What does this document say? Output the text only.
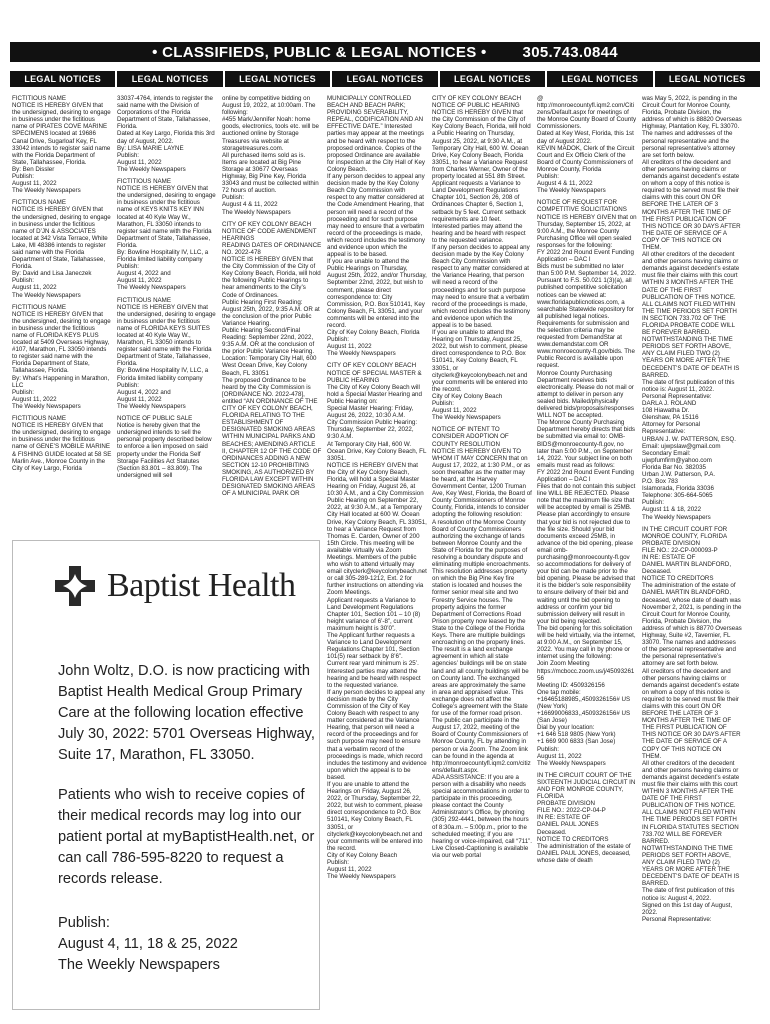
• CLASSIFIEDS, PUBLIC & LEGAL NOTICES • 305.743.0844
LEGAL NOTICES	LEGAL NOTICES	LEGAL NOTICES	LEGAL NOTICES	LEGAL NOTICES	LEGAL NOTICES	LEGAL NOTICES

FICTITIOUS NAME
NOTICE IS HEREBY GIVEN that the undersigned, desiring to engage in business under the fictitious name of PIRATES COVE MARINE SPECIMENS located at 19686 Canal Drive, Sugarloaf Key, FL 33042 intends to register said name with the Florida Department of State, Tallahassee, Florida.
By: Ben Dissler
Publish:
August 11, 2022
The Weekly Newspapers

FICTITIOUS NAME
NOTICE IS HEREBY GIVEN that the undersigned, desiring to engage in business under the fictitious name of D’JN & ASSOCIATES located at 342 Vista Terrace, White Lake, MI 48386 intends to register said name with the Florida Department of State, Tallahassee, Florida.
By: David and Lisa Janeczek
Publish:
August 11, 2022
The Weekly Newspapers

FICTITIOUS NAME
NOTICE IS HEREBY GIVEN that the undersigned, desiring to engage in business under the fictitious name of FLORIDA KEYS PLUS located at 5409 Overseas Highway, #107, Marathon, FL 33050 intends to register said name with the Florida Department of State, Tallahassee, Florida.
By: What’s Happening in Marathon, LLC
Publish:
August 11, 2022
The Weekly Newspapers

FICTITIOUS NAME
NOTICE IS HEREBY GIVEN that the undersigned, desiring to engage in business under the fictitious name of GENE’S MOBILE MARINE & FISHING GUIDE located at 58 SE Marlin Ave., Monroe County in the City of Key Largo, Florida

33037-4764, intends to register the said name with the Division of Corporations of the Florida Department of State, Tallahassee, Florida.
Dated at Key Largo, Florida this 3rd day of August, 2022.
By: LISA MARIE LAYNE
Publish:
August 11, 2022
The Weekly Newspapers

FICTITIOUS NAME
NOTICE IS HEREBY GIVEN that the undersigned, desiring to engage in business under the fictitious name of KEYS KNITS KEY INN located at 40 Kyle Way W., Marathon, FL 33050 intends to register said name with the Florida Department of State, Tallahassee, Florida.
By: Bowline Hospitality IV, LLC, a Florida limited liability company
Publish:
August 4, 2022 and
August 11, 2022
The Weekly Newspapers

FICTITIOUS NAME
NOTICE IS HEREBY GIVEN that the undersigned, desiring to engage in business under the fictitious name of FLORIDA KEYS SUITES located at 40 Kyle Way W., Marathon, FL 33050 intends to register said name with the Florida Department of State, Tallahassee, Florida.
By: Bowline Hospitality IV, LLC, a Florida limited liability company
Publish:
August 4, 2022 and
August 11, 2022
The Weekly Newspapers

NOTICE OF PUBLIC SALE
Notice is hereby given that the undersigned intends to sell the personal property described below to enforce a lien imposed on said property under the Florida Self Storage Facilities Act Statutes (Section 83.801 – 83.809). The undersigned will sell

online by competitive bidding on August 19, 2022, at 10:00am. The following:
#455 Mark/Jennifer Noah: home goods, electronics, tools etc. will be auctioned online by Storage Treasures via website at storagetreasures.com.
All purchased items sold as is. Items are located at Big Pine Storage at 30677 Overseas Highway, Big Pine Key, Florida 33043 and must be collected within 72 hours of auction.
Publish:
August 4 & 11, 2022
The Weekly Newspapers

CITY OF KEY COLONY BEACH
NOTICE OF CODE AMENDMENT HEARINGS
READING DATES OF ORDINANCE NO. 2022-478
NOTICE IS HEREBY GIVEN that the City Commission of the City of Key Colony Beach, Florida, will hold the following Public Hearings to hear amendments to the City’s Code of Ordinances.
Public Hearing First Reading: August 25th, 2022, 9:35 A.M. OR at the conclusion of the prior Public Variance Hearing.
Public Hearing Second/Final Reading: September 22nd, 2022, 9:35 A.M. OR at the conclusion of the prior Public Variance Hearing.
Location: Temporary City Hall, 600 West Ocean Drive, Key Colony Beach, FL 33051
The proposed Ordinance to be heard by the City Commission is [ORDINANCE NO. 2022-478], entitled “AN ORDINANCE OF THE CITY OF KEY COLONY BEACH, FLORIDA RELATING TO THE ESTABLISHMENT OF DESIGNATED SMOKING AREAS WITHIN MUNICIPAL PARKS AND BEACHES; AMENDING ARTICLE II, CHAPTER 12 OF THE CODE OF ORDINANCES ADDING A NEW SECTION 12-10 PROHIBITING SMOKING, AS AUTHORIZED BY FLORIDA LAW EXCEPT WITHIN DESIGNATED SMOKING AREAS OF A MUNICIPAL PARK OR

MUNICIPALLY CONTROLLED BEACH AND BEACH PARK; PROVIDING SEVERABILITY, REPEAL, CODIFICATION AND AN EFFECTIVE DATE.” Interested parties may appear at the meetings and be heard with respect to the proposed ordinance. Copies of the proposed Ordinance are available for inspection at the City Hall of Key Colony Beach.
If any person decides to appeal any decision made by the Key Colony Beach City Commission with respect to any matter considered at the Code Amendment Hearing, that person will need a record of the proceeding and for such purpose may need to ensure that a verbatim record of the proceedings is made, which record includes the testimony and evidence upon which the appeal is to be based.
If you are unable to attend the Public Hearings on Thursday, August 25th, 2022, and/or Thursday, September 22nd, 2022, but wish to comment, please direct correspondence to: City Commission, P.O. Box 510141, Key Colony Beach, FL 33051, and your comments will be entered into the record.
City of Key Colony Beach, Florida
Publish:
August 11, 2022
The Weekly Newspapers

CITY OF KEY COLONY BEACH
NOTICE OF SPECIAL MASTER & PUBLIC HEARING
The City of Key Colony Beach will hold a Special Master Hearing and Public Hearing on:
Special Master Hearing: Friday, August 26, 2022, 10:30 A.M.
City Commission Public Hearing: Thursday, September 22, 2022, 9:30 A.M.
At Temporary City Hall, 600 W. Ocean Drive, Key Colony Beach, FL 33051.
NOTICE IS HEREBY GIVEN that the City of Key Colony Beach, Florida, will hold a Special Master Hearing on Friday, August 26, at 10:30 A.M., and a City Commission Public Hearing on September 22, 2022, at 9:30 A.M., at a Temporary City Hall located at 600 W. Ocean Drive, Key Colony Beach, FL 33051, to hear a Variance Request from Thomas E. Carden, Owner of 200 15th Circle. This meeting will be available virtually via Zoom Meetings. Members of the public who wish to attend virtually may email cityclerk@keycolonybeach.net or call 305-289-1212, Ext. 2 for further instructions on attending via Zoom Meetings.
Applicant requests a Variance to Land Development Regulations Chapter 101, Section 101 – 10 (8) height variance of 6’-8”, current maximum height is 30’0”.
The Applicant further requests a Variance to Land Development Regulations Chapter 101, Section 101(5) rear setback by 8’6”.
Current rear yard minimum is 25’.
Interested parties may attend the hearing and be heard with respect to the requested variance.
If any person decides to appeal any decision made by the City Commission of the City of Key Colony Beach with respect to any matter considered at the Variance Hearing, that person will need a record of the proceedings and for such purpose may need to ensure that a verbatim record of the proceedings is made, which record includes the testimony and evidence upon which the appeal is to be based.
If you are unable to attend the Hearings on Friday, August 26, 2022, or Thursday, September 22, 2022, but wish to comment, please direct correspondence to P.O. Box 510141, Key Colony Beach, FL 33051, or cityclerk@keycolonybeach.net and your comments will be entered into the record.
City of Key Colony Beach
Publish:
August 11, 2022
The Weekly Newspapers

CITY OF KEY COLONY BEACH
NOTICE OF PUBLIC HEARING
NOTICE IS HEREBY GIVEN that the City Commission of the City of Key Colony Beach, Florida, will hold a Public Hearing on Thursday, August 25, 2022, at 9:30 A.M., at Temporary City Hall, 600 W. Ocean Drive, Key Colony Beach, Florida 33051, to hear a Variance Request from Charles Werner, Owner of the property located at 551 8th Street.
Applicant requests a Variance to Land Development Regulations Chapter 101, Section 26, 208 of Ordinances Chapter 6, Section 1, setback by 5 feet. Current setback requirements are 10 feet.
Interested parties may attend the hearing and be heard with respect to the requested variance.
If any person decides to appeal any decision made by the Key Colony Beach City Commission with respect to any matter considered at the Variance Hearing, that person will need a record of the proceedings and for such purpose may need to ensure that a verbatim record of the proceedings is made, which record includes the testimony and evidence upon which the appeal is to be based.
If you are unable to attend the Hearing on Thursday, August 25, 2022, but wish to comment, please direct correspondence to P.O. Box 510141, Key Colony Beach, FL 33051, or cityclerk@keycolonybeach.net and your comments will be entered into the record.
City of Key Colony Beach
Publish:
August 11, 2022
The Weekly Newspapers

NOTICE OF INTENT TO CONSIDER ADOPTION OF COUNTY RESOLUTION
NOTICE IS HEREBY GIVEN TO WHOM IT MAY CONCERN that on August 17, 2022, at 1:30 P.M., or as soon thereafter as the matter may be heard, at the Harvey Government Center, 1200 Truman Ave, Key West, Florida, the Board of County Commissioners of Monroe County, Florida, intends to consider adopting the following resolution:
A resolution of the Monroe County Board of County Commissioners authorizing the exchange of lands between Monroe County and the State of Florida for the purposes of resolving a boundary dispute and eliminating multiple encroachments. This resolution addresses property on which the Big Pine Key fire station is located and houses the former senior meal site and two Forestry Service houses. The property adjoins the former Department of Corrections Road Prison property now leased by the State to the College of the Florida Keys. There are multiple buildings encroaching on the property lines. The result is a land exchange agreement in which all state agencies’ buildings will be on state land and all county buildings will be on County land. The exchanged areas are approximately the same in area and appraised value. This exchange does not affect the College’s agreement with the State for use of the former road prison.
The public can participate in the August 17, 2022, meeting of the Board of County Commissioners of Monroe County, FL by attending in person or via Zoom. The Zoom link can be found in the agenda at http://monroecountyfl.iqm2.com/citizens/default.aspx.
ADA ASSISTANCE: If you are a person with a disability who needs special accommodations in order to participate in this proceeding, please contact the County Administrator’s Office, by phoning (305) 292-4441, between the hours of 8:30a.m. – 5:00p.m., prior to the scheduled meeting; if you are hearing or voice-impaired, call “711”. Live Closed-Captioning is available via our web portal

@ http://monroecountyfl.iqm2.com/Citizens/Default.aspx for meetings of the Monroe County Board of County Commissioners.
Dated at Key West, Florida, this 1st day of August 2022.
KEVIN MADOK, Clerk of the Circuit Court and Ex Officio Clerk of the Board of County Commissioners of Monroe County, Florida
Publish:
August 4 & 11, 2022
The Weekly Newspapers

NOTICE OF REQUEST FOR COMPETITIVE SOLICITATIONS
NOTICE IS HEREBY GIVEN that on Thursday, September 15, 2022, at 9:00 A.M., the Monroe County Purchasing Office will open sealed responses for the following:
FY 2022 2nd Round Event Funding Application – DAC I
Bids must be submitted no later than 5:00 P.M. September 14, 2022.
Pursuant to F.S. 50.021 1(3)(a), all published competitive solicitation notices can be viewed at: www.floridapublicnotices.com, a searchable Statewide repository for all published legal notices.
Requirements for submission and the selection criteria may be requested from DemandStar at www.demandstar.com OR www.monroecounty-fl.gov/bids. The Public Record is available upon request.
Monroe County Purchasing Department receives bids electronically. Please do not mail or attempt to deliver in person any sealed bids. Mailed/physically delivered bids/proposals/responses WILL NOT be accepted.
The Monroe County Purchasing Department hereby directs that bids be submitted via email to: OMB-BIDS@monroecounty-fl.gov, no later than 5:00 P.M., on September 14, 2022. Your subject line on both emails must read as follows:
FY 2022 2nd Round Event Funding Application – DAC I
Files that do not contain this subject line WILL BE REJECTED. Please note that the maximum file size that will be accepted by email is 25MB. Please plan accordingly to ensure that your bid is not rejected due to the file size. Should your bid documents exceed 25MB, in advance of the bid opening, please email omb-purchasing@monroecounty-fl.gov so accommodations for delivery of your bid can be made prior to the bid opening. Please be advised that it is the bidder’s sole responsibility to ensure delivery of their bid and waiting until the bid opening to address or confirm your bid submission delivery will result in your bid being rejected.
The bid opening for this solicitation will be held virtually, via the internet, at 9:00 A.M., on September 15, 2022. You may call in by phone or internet using the following:
Join Zoom Meeting
https://mcbocc.zoom.us/j/4509326156
Meeting ID: 4509326156
One tap mobile:
+16465188985,,4509326156# US (New York)
+16699006833,,4509326156# US (San Jose)
Dial by your location:
+1 646 518 9805 (New York)
+1 669 900 6833 (San Jose)
Publish:
August 11, 2022
The Weekly Newspapers

IN THE CIRCUIT COURT OF THE SIXTEENTH JUDICIAL CIRCUIT IN AND FOR MONROE COUNTY, FLORIDA
PROBATE DIVISION
FILE NO.: 2022-CP-04-P
IN RE: ESTATE OF
DANIEL PAUL JONES
Deceased.
NOTICE TO CREDITORS
The administration of the estate of DANIEL PAUL JONES, deceased, whose date of death

was May 5, 2022, is pending in the Circuit Court for Monroe County, Florida, Probate Division, the address of which is 88820 Overseas Highway, Plantation Key, FL 33070. The names and addresses of the personal representative and the personal representative’s attorney are set forth below.
All creditors of the decedent and other persons having claims or demands against decedent’s estate on whom a copy of this notice is required to be served must file their claims with this court ON OR BEFORE THE LATER OF 3 MONTHS AFTER THE TIME OF THE FIRST PUBLICATION OF THIS NOTICE OR 30 DAYS AFTER THE DATE OF SERVICE OF A COPY OF THIS NOTICE ON THEM.
All other creditors of the decedent and other persons having claims or demands against decedent’s estate must file their claims with this court WITHIN 3 MONTHS AFTER THE DATE OF THE FIRST PUBLICATION OF THIS NOTICE.
ALL CLAIMS NOT FILED WITHIN THE TIME PERIODS SET FORTH IN SECTION 733.702 OF THE FLORIDA PROBATE CODE WILL BE FOREVER BARRED.
NOTWITHSTANDING THE TIME PERIODS SET FORTH ABOVE, ANY CLAIM FILED TWO (2) YEARS OR MORE AFTER THE DECEDENT’S DATE OF DEATH IS BARRED.
The date of first publication of this notice is: August 11, 2022.
Personal Representative:
DARLA J. ROLAND
108 Hiawatha Dr.
Glenshaw, PA 15116
Attorney for Personal Representative:
URBAN J. W. PATTERSON, ESQ.
Email: ujwpslaw@gmail.com
Secondary Email: ujwpfumfirm@yahoo.com
Florida Bar No. 382035
Urban J.W. Patterson, P.A.
P.O. Box 783
Islamorada, Florida 33036
Telephone: 305-664-5065
Publish:
August 11 & 18, 2022
The Weekly Newspapers

IN THE CIRCUIT COURT FOR MONROE COUNTY, FLORIDA
PROBATE DIVISION
FILE NO.: 22-CP-000093-P
IN RE: ESTATE OF
DANIEL MARTIN BLANDFORD,
Deceased.
NOTICE TO CREDITORS
The administration of the estate of DANIEL MARTIN BLANDFORD, deceased, whose date of death was November 2, 2021, is pending in the Circuit Court for Monroe County, Florida, Probate Division, the address of which is 88770 Overseas Highway, Suite #2, Tavernier, FL 33070. The names and addresses of the personal representative and the personal representative’s attorney are set forth below.
All creditors of the decedent and other persons having claims or demands against decedent’s estate on whom a copy of this notice is required to be served must file their claims with this court ON OR BEFORE THE LATER OF 3 MONTHS AFTER THE TIME OF THE FIRST PUBLICATION OF THIS NOTICE OR 30 DAYS AFTER THE DATE OF SERVICE OF A COPY OF THIS NOTICE ON THEM.
All other creditors of the decedent and other persons having claims or demands against decedent’s estate must file their claims with this court WITHIN 3 MONTHS AFTER THE DATE OF THE FIRST PUBLICATION OF THIS NOTICE.
ALL CLAIMS NOT FILED WITHIN THE TIME PERIODS SET FORTH IN FLORIDA STATUTES SECTION 733.702 WILL BE FOREVER BARRED.
NOTWITHSTANDING THE TIME PERIODS SET FORTH ABOVE, ANY CLAIM FILED TWO (2) YEARS OR MORE AFTER THE DECEDENT’S DATE OF DEATH IS BARRED.
The date of first publication of this notice is: August 4, 2022.
Signed on this 1st day of August, 2022.
Personal Representative:

Baptist Health

John Woltz, D.O. is now practicing with Baptist Health Medical Group Primary Care at the following location effective July 30, 2022: 5701 Overseas Highway, Suite 17, Marathon, FL 33050.

Patients who wish to receive copies of their medical records may log into our patient portal at myBaptistHealth.net, or can call 786-595-8220 to request a records release.

Publish:
August 4, 11, 18 & 25, 2022
The Weekly Newspapers
